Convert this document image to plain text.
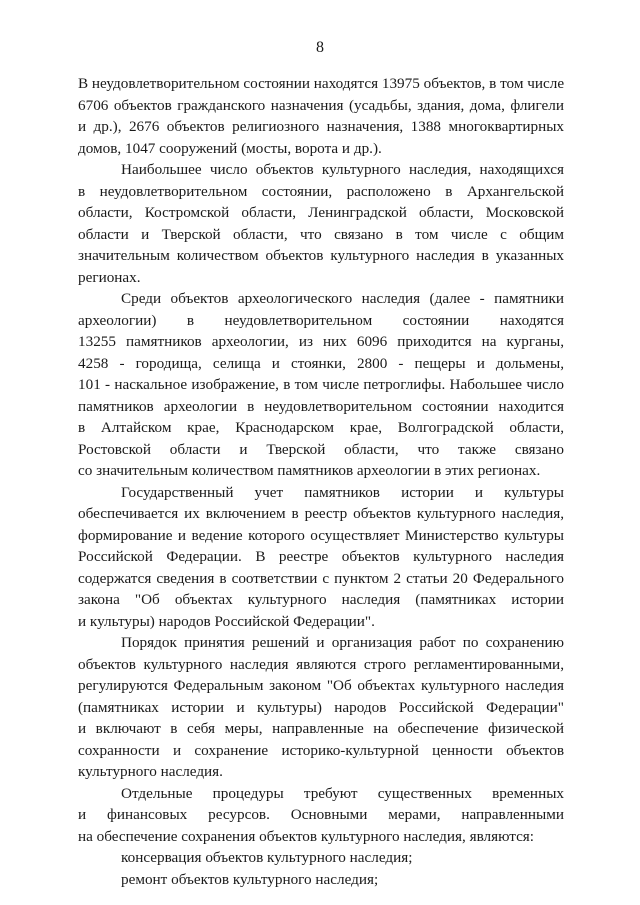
8

В неудовлетворительном состоянии находятся 13975 объектов, в том числе
6706 объектов гражданского назначения (усадьбы, здания, дома, флигели
и др.), 2676 объектов религиозного назначения, 1388 многоквартирных
домов, 1047 сооружений (мосты, ворота и др.).

Наибольшее число объектов культурного наследия, находящихся
в неудовлетворительном состоянии, расположено в Архангельской
области, Костромской области, Ленинградской области, Московской
области и Тверской области, что связано в том числе с общим
значительным количеством объектов культурного наследия в указанных
регионах.

Среди объектов археологического наследия (далее - памятники
археологии) в неудовлетворительном состоянии находятся
13255 памятников археологии, из них 6096 приходится на курганы,
4258 - городища, селища и стоянки, 2800 - пещеры и дольмены,
101 - наскальное изображение, в том числе петроглифы. Набольшее число
памятников археологии в неудовлетворительном состоянии находится
в Алтайском крае, Краснодарском крае, Волгоградской области,
Ростовской области и Тверской области, что также связано
со значительным количеством памятников археологии в этих регионах.

Государственный учет памятников истории и культуры
обеспечивается их включением в реестр объектов культурного наследия,
формирование и ведение которого осуществляет Министерство культуры
Российской Федерации. В реестре объектов культурного наследия
содержатся сведения в соответствии с пунктом 2 статьи 20 Федерального
закона "Об объектах культурного наследия (памятниках истории
и культуры) народов Российской Федерации".

Порядок принятия решений и организация работ по сохранению
объектов культурного наследия являются строго регламентированными,
регулируются Федеральным законом "Об объектах культурного наследия
(памятниках истории и культуры) народов Российской Федерации"
и включают в себя меры, направленные на обеспечение физической
сохранности и сохранение историко-культурной ценности объектов
культурного наследия.

Отдельные процедуры требуют существенных временных
и финансовых ресурсов. Основными мерами, направленными
на обеспечение сохранения объектов культурного наследия, являются:

консервация объектов культурного наследия;
ремонт объектов культурного наследия;
